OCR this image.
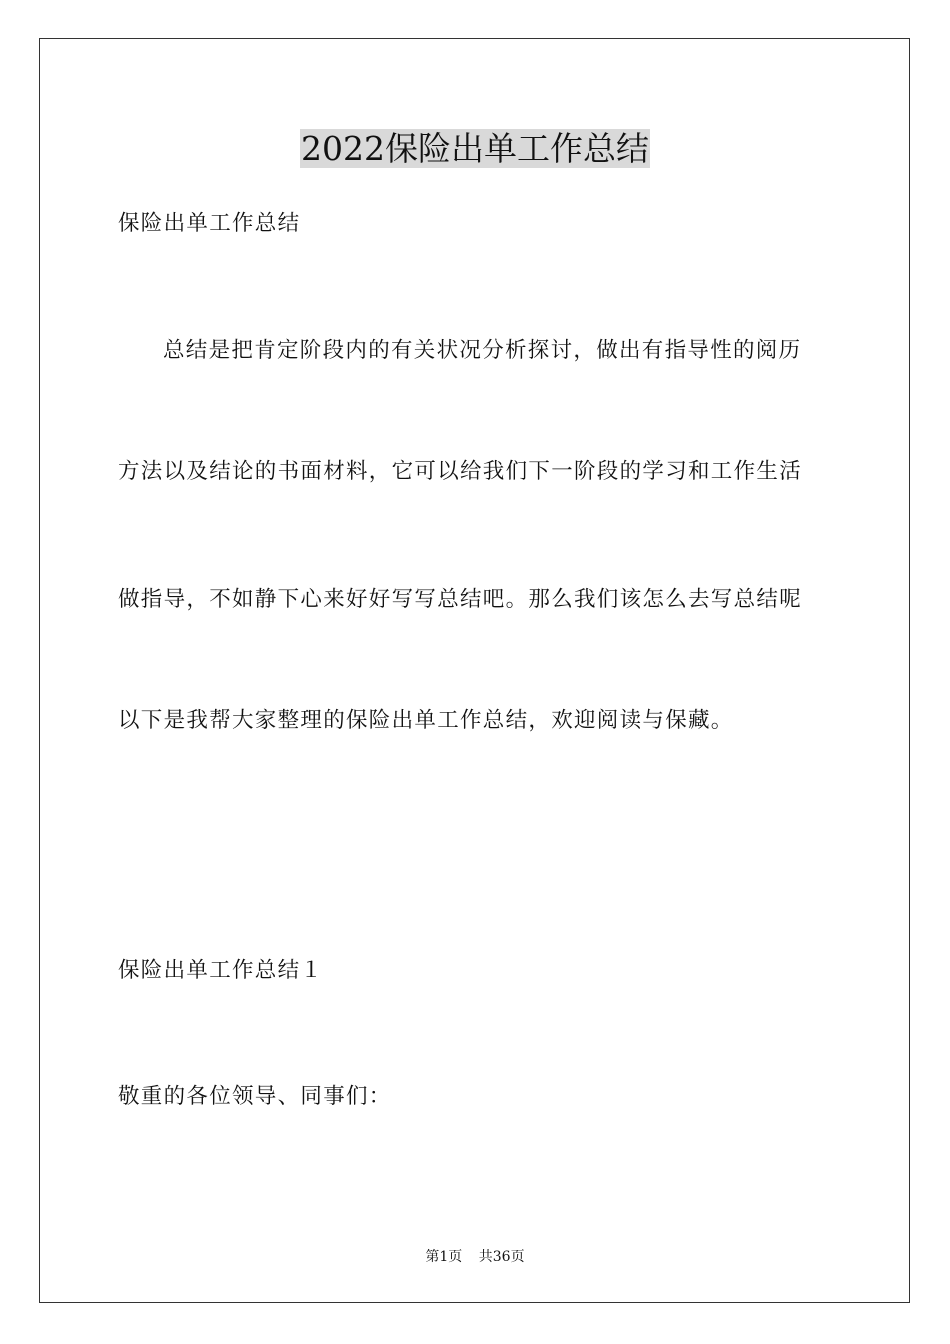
2022保险出单工作总结
保险出单工作总结
总结是把肯定阶段内的有关状况分析探讨，做出有指导性的阅历
方法以及结论的书面材料，它可以给我们下一阶段的学习和工作生活
做指导，不如静下心来好好写写总结吧。那么我们该怎么去写总结呢
以下是我帮大家整理的保险出单工作总结，欢迎阅读与保藏。
保险出单工作总结１
敬重的各位领导、同事们：
第1页 共36页
